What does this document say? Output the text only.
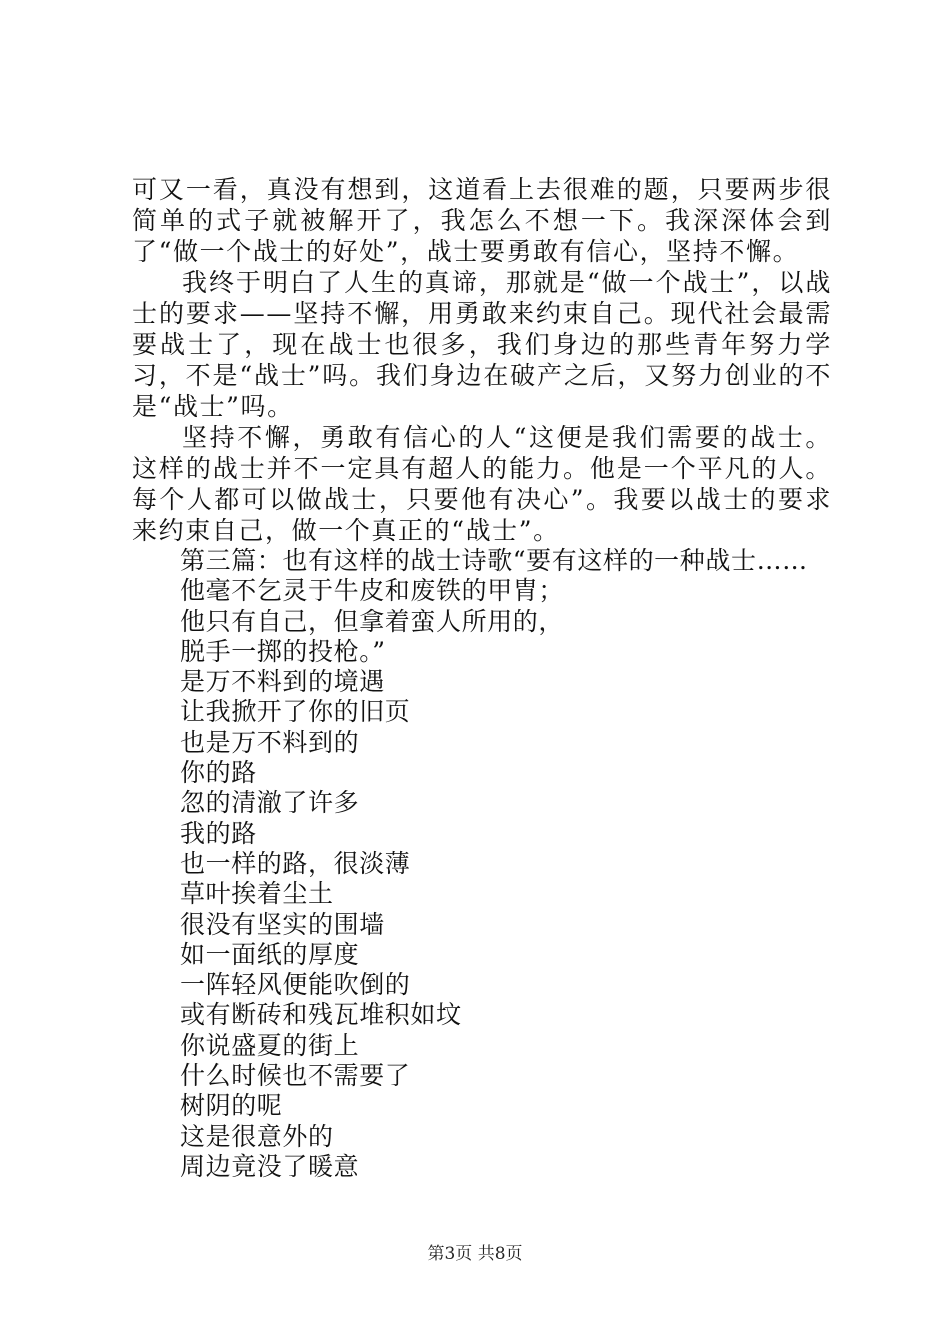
可又一看，真没有想到，这道看上去很难的题，只要两步很简单的式子就被解开了，我怎么不想一下。我深深体会到了“做一个战士的好处”，战士要勇敢有信心，坚持不懈。

我终于明白了人生的真谛，那就是“做一个战士”，以战士的要求——坚持不懈，用勇敢来约束自己。现代社会最需要战士了，现在战士也很多，我们身边的那些青年努力学习，不是“战士”吗。我们身边在破产之后，又努力创业的不是“战士”吗。

坚持不懈，勇敢有信心的人“这便是我们需要的战士。这样的战士并不一定具有超人的能力。他是一个平凡的人。每个人都可以做战士，只要他有决心”。我要以战士的要求来约束自己，做一个真正的“战士”。

第三篇：也有这样的战士诗歌“要有这样的一种战士……
他毫不乞灵于牛皮和废铁的甲胄；
他只有自己，但拿着蛮人所用的，
脱手一掷的投枪。”
是万不料到的境遇
让我掀开了你的旧页
也是万不料到的
你的路
忽的清澈了许多
我的路
也一样的路，很淡薄
草叶挨着尘土
很没有坚实的围墙
如一面纸的厚度
一阵轻风便能吹倒的
或有断砖和残瓦堆积如坟
你说盛夏的街上
什么时候也不需要了
树阴的呢
这是很意外的
周边竟没了暖意
第3页 共8页
